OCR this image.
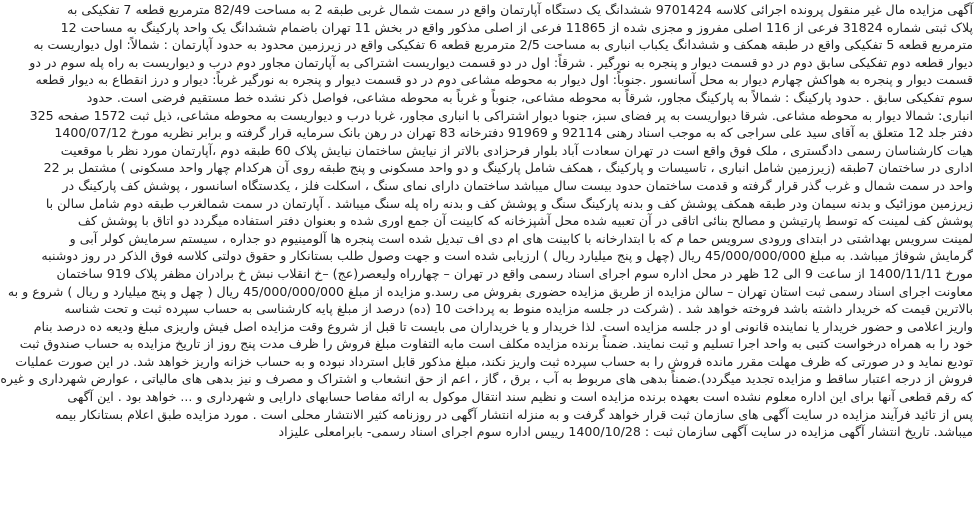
آگهی مزایده مال غیر منقول پرونده اجرائی کلاسه 9701424 ششدانگ یک دستگاه آپارتمان واقع در سمت شمال غربی طبقه 2 به مساحت 82/49 مترمربع قطعه 7 تفکیکی به
پلاک ثبتی شماره 31824 فرعی از 116 اصلی مفروز و مجزی شده از 11865 فرعی از اصلی مذکور واقع در بخش 11 تهران باضمام ششدانگ یک واحد پارکینگ به مساحت 12
مترمربع قطعه 5 تفکیکی واقع در طبقه همکف و ششدانگ یکباب انباری به مساحت 2/5 مترمربع قطعه 6 تفکیکی واقع در زیرزمین محدود به حدود آپارتمان : شمالاً: اول دیواریست به
دیوار قطعه دوم تفکیکی سابق دوم در دو قسمت دیوار و پنجره به نورگیر . شرقاً: اول در دو قسمت دیواریست اشتراکی به آپارتمان مجاور دوم درب و دیواریست به راه پله سوم در دو
قسمت دیوار و پنجره به هواکش چهارم دیوار به محل آسانسور .جنوباً: اول دیوار به محوطه مشاعی دوم در دو قسمت دیوار و پنجره به نورگیر غرباً: دیوار و درز انقطاع به دیوار قطعه
سوم تفکیکی سابق . حدود پارکینگ : شمالاً به پارکینگ مجاور، شرقاً به محوطه مشاعی، جنوباً و غرباً به محوطه مشاعی، فواصل ذکر نشده خط مستقیم فرضی است. حدود
انباری: شمالا دیوار به محوطه مشاعی. شرقا دیواریست به پر فضای سبز، جنوبا دیوار اشتراکی با انباری مجاور، غربا درب و دیواریست به محوطه مشاعی، ذیل ثبت 1572 صفحه 325
دفتر جلد 12 متعلق به آقای سید علی سراجی که به موجب اسناد رهنی 92114 و 91969 دفترخانه 83 تهران در رهن بانک سرمایه قرار گرفته و برابر نظریه مورخ 1400/07/12
هیات کارشناسان رسمی دادگستری ، ملک فوق واقع است در تهران سعادت آباد بلوار فرحزادی بالاتر از نیایش ساختمان نیایش پلاک 60 طبقه دوم ،آپارتمان مورد نظر با موقعیت
اداری در ساختمان 7طبقه (زیرزمین شامل انباری ، تاسیسات و پارکینگ ، همکف شامل پارکینگ و دو واحد مسکونی و پنج طبقه روی آن هرکدام چهار واحد مسکونی ) مشتمل بر 22
واحد در سمت شمال و غرب گذر قرار گرفته و قدمت ساختمان حدود بیست سال میباشد ساختمان دارای نمای سنگ ، اسکلت فلز ، یکدستگاه اسانسور ، پوشش کف پارکینگ در
زیرزمین موزائیک و بدنه سیمان ودر طبقه همکف پوشش کف و بدنه پارکینگ سنگ و پوشش کف و بدنه راه پله سنگ میباشد . آپارتمان در سمت شمالغرب طبقه دوم شامل سالن با
پوشش کف لمینت که توسط پارتیشن و مصالح بنائی اتاقی در آن تعبیه شده محل آشپزخانه که کابینت آن جمع اوری شده و بعنوان دفتر استفاده میگردد دو اتاق با پوشش کف
لمینت سرویس بهداشتی در ابتدای ورودی سرویس حما م که با ابتدارخانه با کابینت های ام دی اف تبدیل شده است پنجره ها آلومینیوم دو جداره ، سیستم سرمایش کولر آبی و
گرمایش شوفاژ میباشد. به مبلغ 45/000/000/000 ریال (چهل و پنج میلیارد ریال ) ارزیابی شده است و جهت وصول طلب بستانکار و حقوق دولتی کلاسه فوق الذکر در روز دوشنبه
مورخ 1400/11/11 از ساعت 9 الی 12 ظهر در محل اداره سوم اجرای اسناد رسمی واقع در تهران – چهارراه ولیعصر(عج) –خ انقلاب نبش خ برادران مظفر پلاک 919 ساختمان
معاونت اجرای اسناد رسمی ثبت استان تهران – سالن مزایده از طریق مزایده حضوری بفروش می رسد.و مزایده از مبلغ 45/000/000/000 ریال ( چهل و پنج میلیارد و ریال ) شروع و به
بالاترین قیمت که خریدار داشته باشد فروخته خواهد شد . (شرکت در جلسه مزایده منوط به پرداخت 10 (ده) درصد از مبلغ پایه کارشناسی به حساب سپرده ثبت و تحت شناسه
واریز اعلامی و حضور خریدار یا نماینده قانونی او در جلسه مزایده است. لذا خریدار و یا خریداران می بایست تا قبل از شروع وقت مزایده اصل فیش واریزی مبلغ ودیعه ده درصد بنام
خود را به همراه درخواست کتبی به واحد اجرا تسلیم و ثبت نمایند. ضمناً برنده مزایده مکلف است مابه التفاوت مبلغ فروش را ظرف مدت پنج روز از تاریخ مزایده به حساب صندوق ثبت
تودیع نماید و در صورتی که ظرف مهلت مقرر مانده فروش را به حساب سپرده ثبت واریز نکند، مبلغ مذکور قابل استرداد نبوده و به حساب خزانه واریز خواهد شد. در این صورت عملیات
فروش از درجه اعتبار ساقط و مزایده تجدید میگردد).ضمناً بدهی های مربوط به آب ، برق ، گاز ، اعم از حق انشعاب و اشتراک و مصرف و نیز بدهی های مالیاتی ، عوارض شهرداری و غیره
که رقم قطعی آنها برای این اداره معلوم نشده است بعهده برنده مزایده است و نظیم سند انتقال موکول به ارائه مفاصا حسابهای دارایی و شهرداری و ... خواهد بود . این آگهی
پس از تائید فرآیند مزایده در سایت آگهی های سازمان ثبت قرار خواهد گرفت و به منزله انتشار آگهی در روزنامه کثیر الانتشار محلی است . مورد مزایده طبق اعلام بستانکار بیمه
میباشد. تاریخ انتشار آگهی مزایده در سایت آگهی سازمان ثبت : 1400/10/28 رییس اداره سوم اجرای اسناد رسمی- بابرامعلی علیزاد
